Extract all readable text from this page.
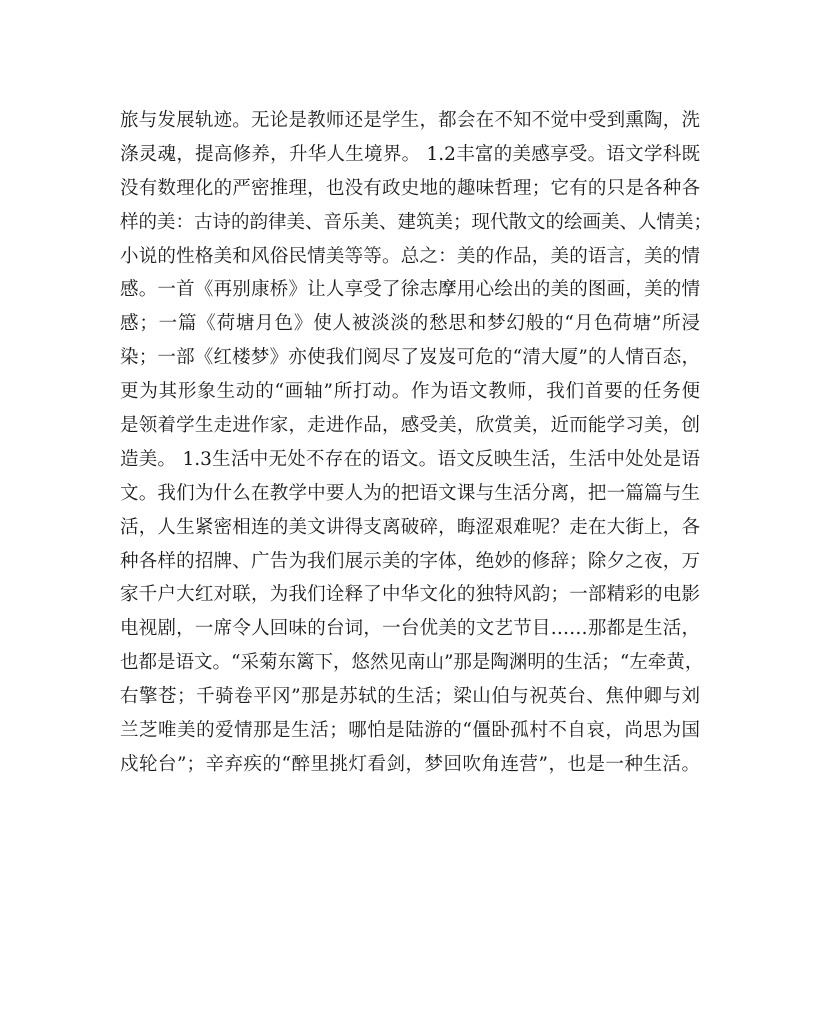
旅与发展轨迹。无论是教师还是学生，都会在不知不觉中受到熏陶，洗
涤灵魂，提高修养，升华人生境界。 1.2丰富的美感享受。语文学科既
没有数理化的严密推理，也没有政史地的趣味哲理；它有的只是各种各
样的美：古诗的韵律美、音乐美、建筑美；现代散文的绘画美、人情美；
小说的性格美和风俗民情美等等。总之：美的作品，美的语言，美的情
感。一首《再别康桥》让人享受了徐志摩用心绘出的美的图画，美的情
感；一篇《荷塘月色》使人被淡淡的愁思和梦幻般的“月色荷塘”所浸
染；一部《红楼梦》亦使我们阅尽了岌岌可危的“清大厦”的人情百态，
更为其形象生动的“画轴”所打动。作为语文教师，我们首要的任务便
是领着学生走进作家，走进作品，感受美，欣赏美，近而能学习美，创
造美。 1.3生活中无处不存在的语文。语文反映生活，生活中处处是语
文。我们为什么在教学中要人为的把语文课与生活分离，把一篇篇与生
活，人生紧密相连的美文讲得支离破碎，晦涩艰难呢？走在大街上，各
种各样的招牌、广告为我们展示美的字体，绝妙的修辞；除夕之夜，万
家千户大红对联，为我们诠释了中华文化的独特风韵；一部精彩的电影
电视剧，一席令人回味的台词，一台优美的文艺节目……那都是生活，
也都是语文。“采菊东篱下，悠然见南山”那是陶渊明的生活；“左牵黄，
右擎苍；千骑卷平冈”那是苏轼的生活；梁山伯与祝英台、焦仲卿与刘
兰芝唯美的爱情那是生活；哪怕是陆游的“僵卧孤村不自哀，尚思为国
戍轮台”；辛弃疾的“醉里挑灯看剑，梦回吹角连营”，也是一种生活。
